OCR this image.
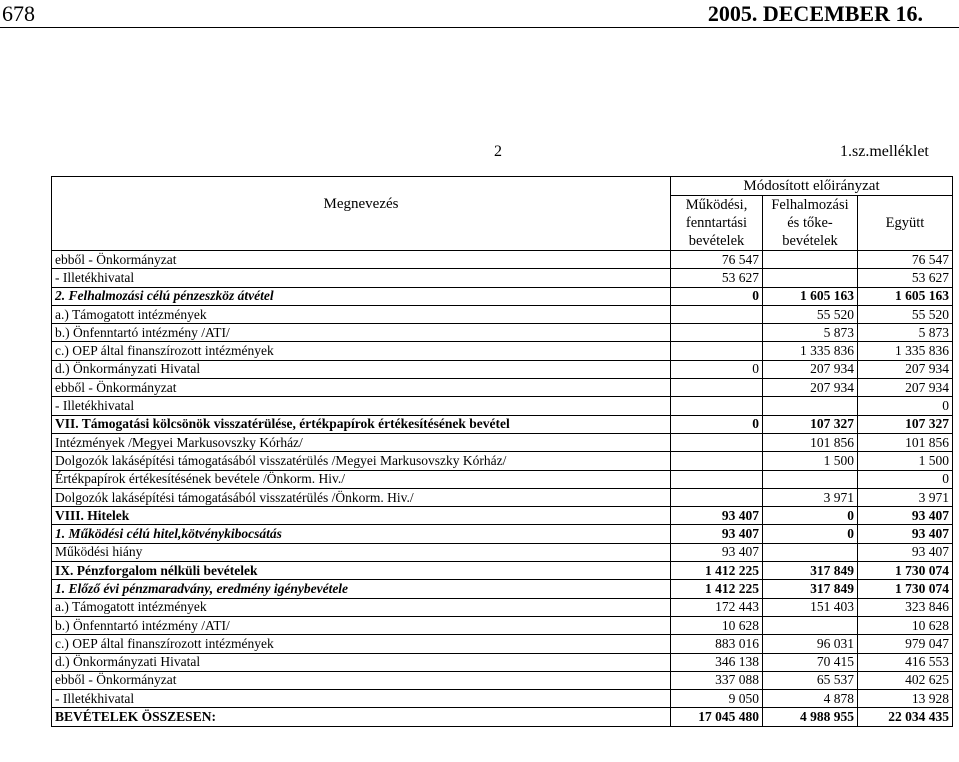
678	2005. DECEMBER 16.
2	1.sz.melléklet
Megnevezés	Módosított előirányzat		
	Működési, fenntartási bevételek	Felhalmozási és tőke- bevételek	Együtt
ebből - Önkormányzat	76 547		76 547
- Illetékhivatal	53 627		53 627
2. Felhalmozási célú pénzeszköz átvétel	0	1 605 163	1 605 163
a.) Támogatott intézmények		55 520	55 520
b.) Önfenntartó intézmény /ATI/		5 873	5 873
c.) OEP által finanszírozott intézmények		1 335 836	1 335 836
d.) Önkormányzati Hivatal	0	207 934	207 934
ebből - Önkormányzat		207 934	207 934
- Illetékhivatal			0
VII. Támogatási kölcsönök visszatérülése, értékpapírok értékesítésének bevétel	0	107 327	107 327
Intézmények /Megyei Markusovszky Kórház/		101 856	101 856
Dolgozók lakásépítési támogatásából visszatérülés /Megyei Markusovszky Kórház/		1 500	1 500
Értékpapírok értékesítésének bevétele /Önkorm. Hiv./			0
Dolgozók lakásépítési támogatásából visszatérülés /Önkorm. Hiv./		3 971	3 971
VIII. Hitelek	93 407	0	93 407
1. Működési célú hitel,kötvénykibocsátás	93 407	0	93 407
Működési hiány	93 407		93 407
IX. Pénzforgalom nélküli bevételek	1 412 225	317 849	1 730 074
1. Előző évi pénzmaradvány, eredmény igénybevétele	1 412 225	317 849	1 730 074
a.) Támogatott intézmények	172 443	151 403	323 846
b.) Önfenntartó intézmény /ATI/	10 628		10 628
c.) OEP által finanszírozott intézmények	883 016	96 031	979 047
d.) Önkormányzati Hivatal	346 138	70 415	416 553
ebből - Önkormányzat	337 088	65 537	402 625
- Illetékhivatal	9 050	4 878	13 928
BEVÉTELEK ÖSSZESEN:	17 045 480	4 988 955	22 034 435
